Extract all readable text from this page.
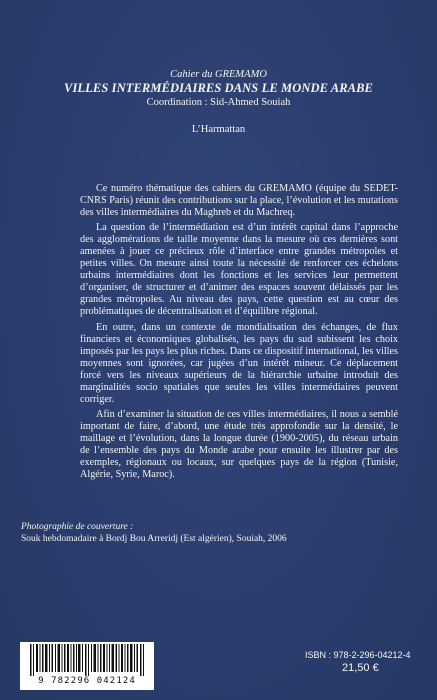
Cahier du GREMAMO
VILLES INTERMÉDIAIRES DANS LE MONDE ARABE
Coordination : Sid-Ahmed Souiah
L’Harmattan

Ce numéro thématique des cahiers du GREMAMO (équipe du SEDET-CNRS Paris) réunit des contributions sur la place, l’évolution et les mutations des villes intermédiaires du Maghreb et du Machreq.

La question de l’intermédiation est d’un intérêt capital dans l’approche des agglomérations de taille moyenne dans la mesure où ces dernières sont amenées à jouer ce précieux rôle d’interface entre grandes métropoles et petites villes. On mesure ainsi toute la nécessité de renforcer ces échelons urbains intermédiaires dont les fonctions et les services leur permettent d’organiser, de structurer et d’animer des espaces souvent délaissés par les grandes métropoles. Au niveau des pays, cette question est au cœur des problématiques de décentralisation et d’équilibre régional.

En outre, dans un contexte de mondialisation des échanges, de flux financiers et économiques globalisés, les pays du sud subissent les choix imposés par les pays les plus riches. Dans ce dispositif international, les villes moyennes sont ignorées, car jugées d’un intérêt mineur. Ce déplacement forcé vers les niveaux supérieurs de la hiérarchie urbaine introduit des marginalités socio spatiales que seules les villes intermédiaires peuvent corriger.

Afin d’examiner la situation de ces villes intermédiaires, il nous a semblé important de faire, d’abord, une étude très approfondie sur la densité, le maillage et l’évolution, dans la longue durée (1900-2005), du réseau urbain de l’ensemble des pays du Monde arabe pour ensuite les illustrer par des exemples, régionaux ou locaux, sur quelques pays de la région (Tunisie, Algérie, Syrie, Maroc).

Photographie de couverture :
Souk hebdomadaire à Bordj Bou Arreridj (Est algérien), Souiah, 2006
9 782296 042124
ISBN : 978-2-296-04212-4
21,50 €
